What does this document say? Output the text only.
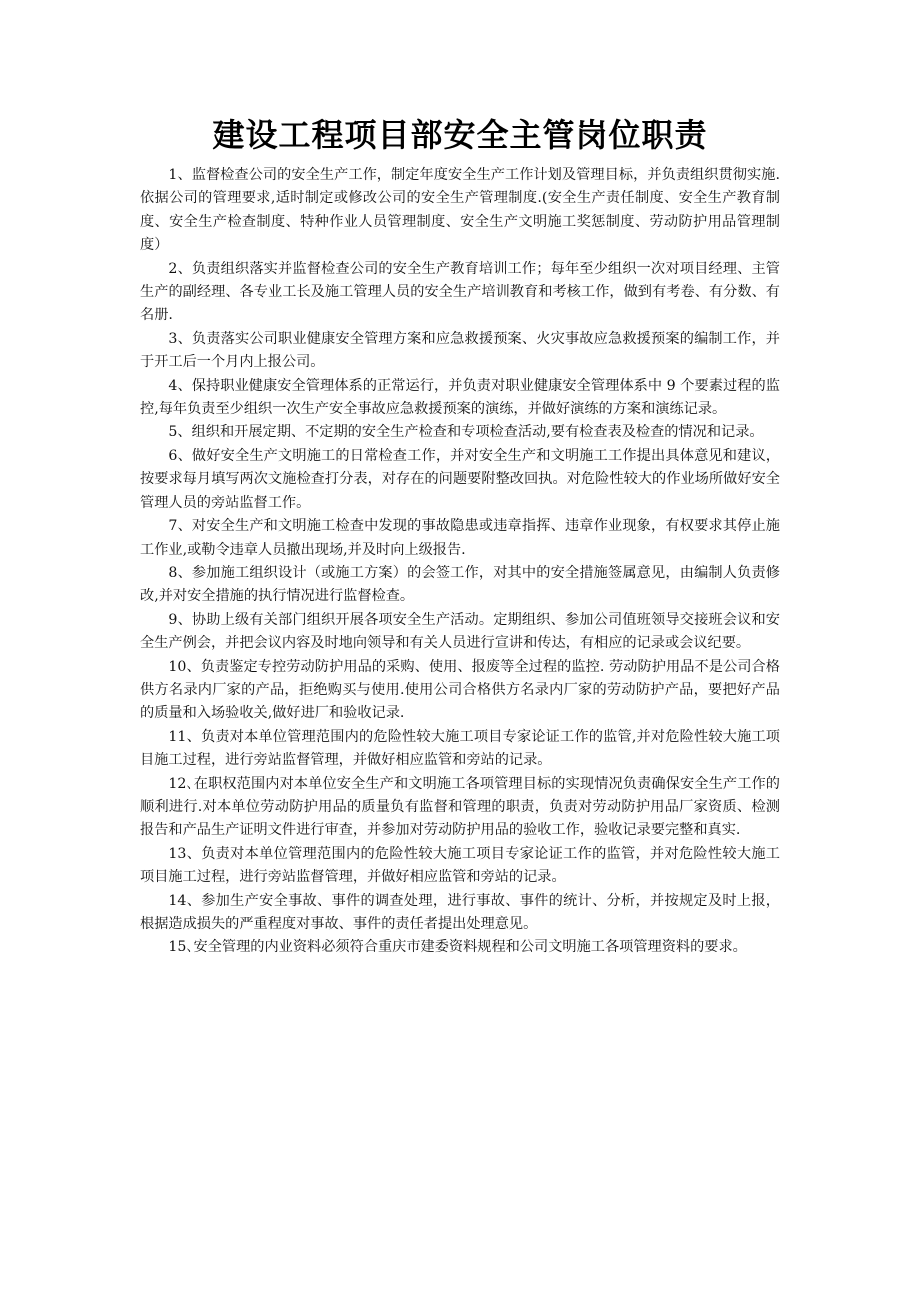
建设工程项目部安全主管岗位职责

1、监督检查公司的安全生产工作，制定年度安全生产工作计划及管理目标，并负责组织贯彻实施.依据公司的管理要求,适时制定或修改公司的安全生产管理制度.(安全生产责任制度、安全生产教育制度、安全生产检查制度、特种作业人员管理制度、安全生产文明施工奖惩制度、劳动防护用品管理制度）

2、负责组织落实并监督检查公司的安全生产教育培训工作；每年至少组织一次对项目经理、主管生产的副经理、各专业工长及施工管理人员的安全生产培训教育和考核工作，做到有考卷、有分数、有名册.

3、负责落实公司职业健康安全管理方案和应急救援预案、火灾事故应急救援预案的编制工作，并于开工后一个月内上报公司。

4、保持职业健康安全管理体系的正常运行，并负责对职业健康安全管理体系中 9 个要素过程的监控,每年负责至少组织一次生产安全事故应急救援预案的演练，并做好演练的方案和演练记录。

5、组织和开展定期、不定期的安全生产检查和专项检查活动,要有检查表及检查的情况和记录。

6、做好安全生产文明施工的日常检查工作，并对安全生产和文明施工工作提出具体意见和建议，按要求每月填写两次文施检查打分表，对存在的问题要附整改回执。对危险性较大的作业场所做好安全管理人员的旁站监督工作。

7、对安全生产和文明施工检查中发现的事故隐患或违章指挥、违章作业现象，有权要求其停止施工作业,或勒令违章人员撤出现场,并及时向上级报告.

8、参加施工组织设计（或施工方案）的会签工作，对其中的安全措施签属意见，由编制人负责修改,并对安全措施的执行情况进行监督检查。

9、协助上级有关部门组织开展各项安全生产活动。定期组织、参加公司值班领导交接班会议和安全生产例会，并把会议内容及时地向领导和有关人员进行宣讲和传达，有相应的记录或会议纪要。

10、负责鉴定专控劳动防护用品的采购、使用、报废等全过程的监控. 劳动防护用品不是公司合格供方名录内厂家的产品，拒绝购买与使用.使用公司合格供方名录内厂家的劳动防护产品，要把好产品的质量和入场验收关,做好进厂和验收记录.

11、负责对本单位管理范围内的危险性较大施工项目专家论证工作的监管,并对危险性较大施工项目施工过程，进行旁站监督管理，并做好相应监管和旁站的记录。

12､在职权范围内对本单位安全生产和文明施工各项管理目标的实现情况负责确保安全生产工作的顺利进行.对本单位劳动防护用品的质量负有监督和管理的职责，负责对劳动防护用品厂家资质、检测报告和产品生产证明文件进行审查，并参加对劳动防护用品的验收工作，验收记录要完整和真实.

13、负责对本单位管理范围内的危险性较大施工项目专家论证工作的监管，并对危险性较大施工项目施工过程，进行旁站监督管理，并做好相应监管和旁站的记录。

14、参加生产安全事故、事件的调查处理，进行事故、事件的统计、分析，并按规定及时上报，根据造成损失的严重程度对事故、事件的责任者提出处理意见。

15､安全管理的内业资料必须符合重庆市建委资料规程和公司文明施工各项管理资料的要求。
